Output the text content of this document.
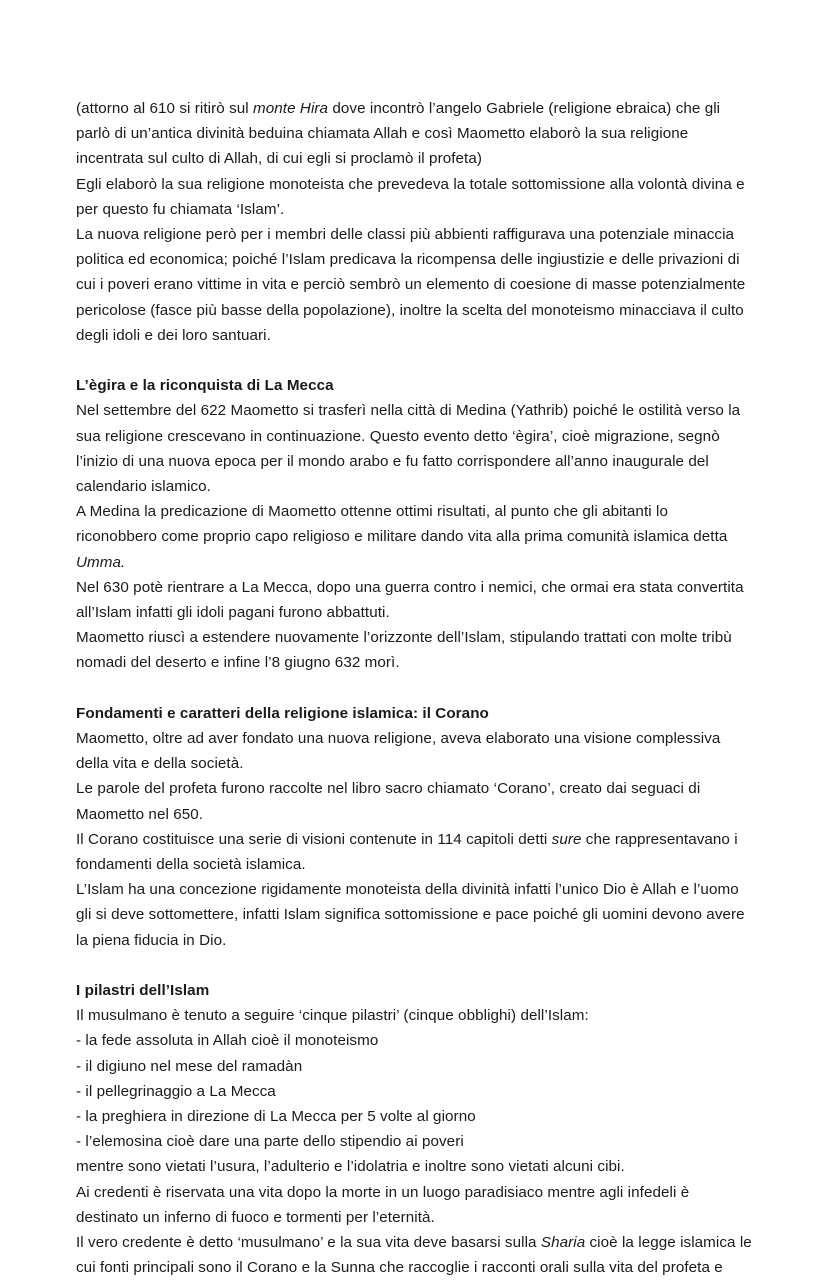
(attorno al 610 si ritirò sul monte Hira dove incontrò l’angelo Gabriele (religione ebraica) che gli parlò di un’antica divinità beduina chiamata Allah e così Maometto elaborò la sua religione incentrata sul culto di Allah, di cui egli si proclamò il profeta)
Egli elaborò la sua religione monoteista che prevedeva la totale sottomissione alla volontà divina e per questo fu chiamata ‘Islam’.
La nuova religione però per i membri delle classi più abbienti raffigurava una potenziale minaccia politica ed economica; poiché l’Islam predicava la ricompensa delle ingiustizie e delle privazioni di cui i poveri erano vittime in vita e perciò sembrò un elemento di coesione di masse potenzialmente pericolose (fasce più basse della popolazione), inoltre la scelta del monoteismo minacciava il culto degli idoli e dei loro santuari.

L’ègira e la riconquista di La Mecca
Nel settembre del 622 Maometto si trasferì nella città di Medina (Yathrib) poiché le ostilità verso la sua religione crescevano in continuazione. Questo evento detto ‘ègira’, cioè migrazione, segnò l’inizio di una nuova epoca per il mondo arabo e fu fatto corrispondere all’anno inaugurale del calendario islamico.
A Medina la predicazione di Maometto ottenne ottimi risultati, al punto che gli abitanti lo riconobbero come proprio capo religioso e militare dando vita alla prima comunità islamica detta Umma.
Nel 630 potè rientrare a La Mecca, dopo una guerra contro i nemici, che ormai era stata convertita all’Islam infatti gli idoli pagani furono abbattuti.
Maometto riuscì a estendere nuovamente l’orizzonte dell’Islam, stipulando trattati con molte tribù nomadi del deserto e infine l’8 giugno 632 morì.

Fondamenti e caratteri della religione islamica: il Corano
Maometto, oltre ad aver fondato una nuova religione, aveva elaborato una visione complessiva della vita e della società.
Le parole del profeta furono raccolte nel libro sacro chiamato ‘Corano’, creato dai seguaci di Maometto nel 650.
Il Corano costituisce una serie di visioni contenute in 114 capitoli detti sure che rappresentavano i fondamenti della società islamica.
L’Islam ha una concezione rigidamente monoteista della divinità infatti l’unico Dio è Allah e l’uomo gli si deve sottomettere, infatti Islam significa sottomissione e pace poiché gli uomini devono avere la piena fiducia in Dio.

I pilastri dell’Islam
Il musulmano è tenuto a seguire ‘cinque pilastri’ (cinque obblighi) dell’Islam:
- la fede assoluta in Allah cioè il monoteismo
- il digiuno nel mese del ramadàn
- il pellegrinaggio a La Mecca
- la preghiera in direzione di La Mecca per 5 volte al giorno
- l’elemosina cioè dare una parte dello stipendio ai poveri
mentre sono vietati l’usura, l’adulterio e l’idolatria e inoltre sono vietati alcuni cibi.
Ai credenti è riservata una vita dopo la morte in un luogo paradisiaco mentre agli infedeli è destinato un inferno di fuoco e tormenti per l’eternità.
Il vero credente è detto ‘musulmano’ e la sua vita deve basarsi sulla Sharia cioè la legge islamica le cui fonti principali sono il Corano e la Sunna che raccoglie i racconti orali sulla vita del profeta e
